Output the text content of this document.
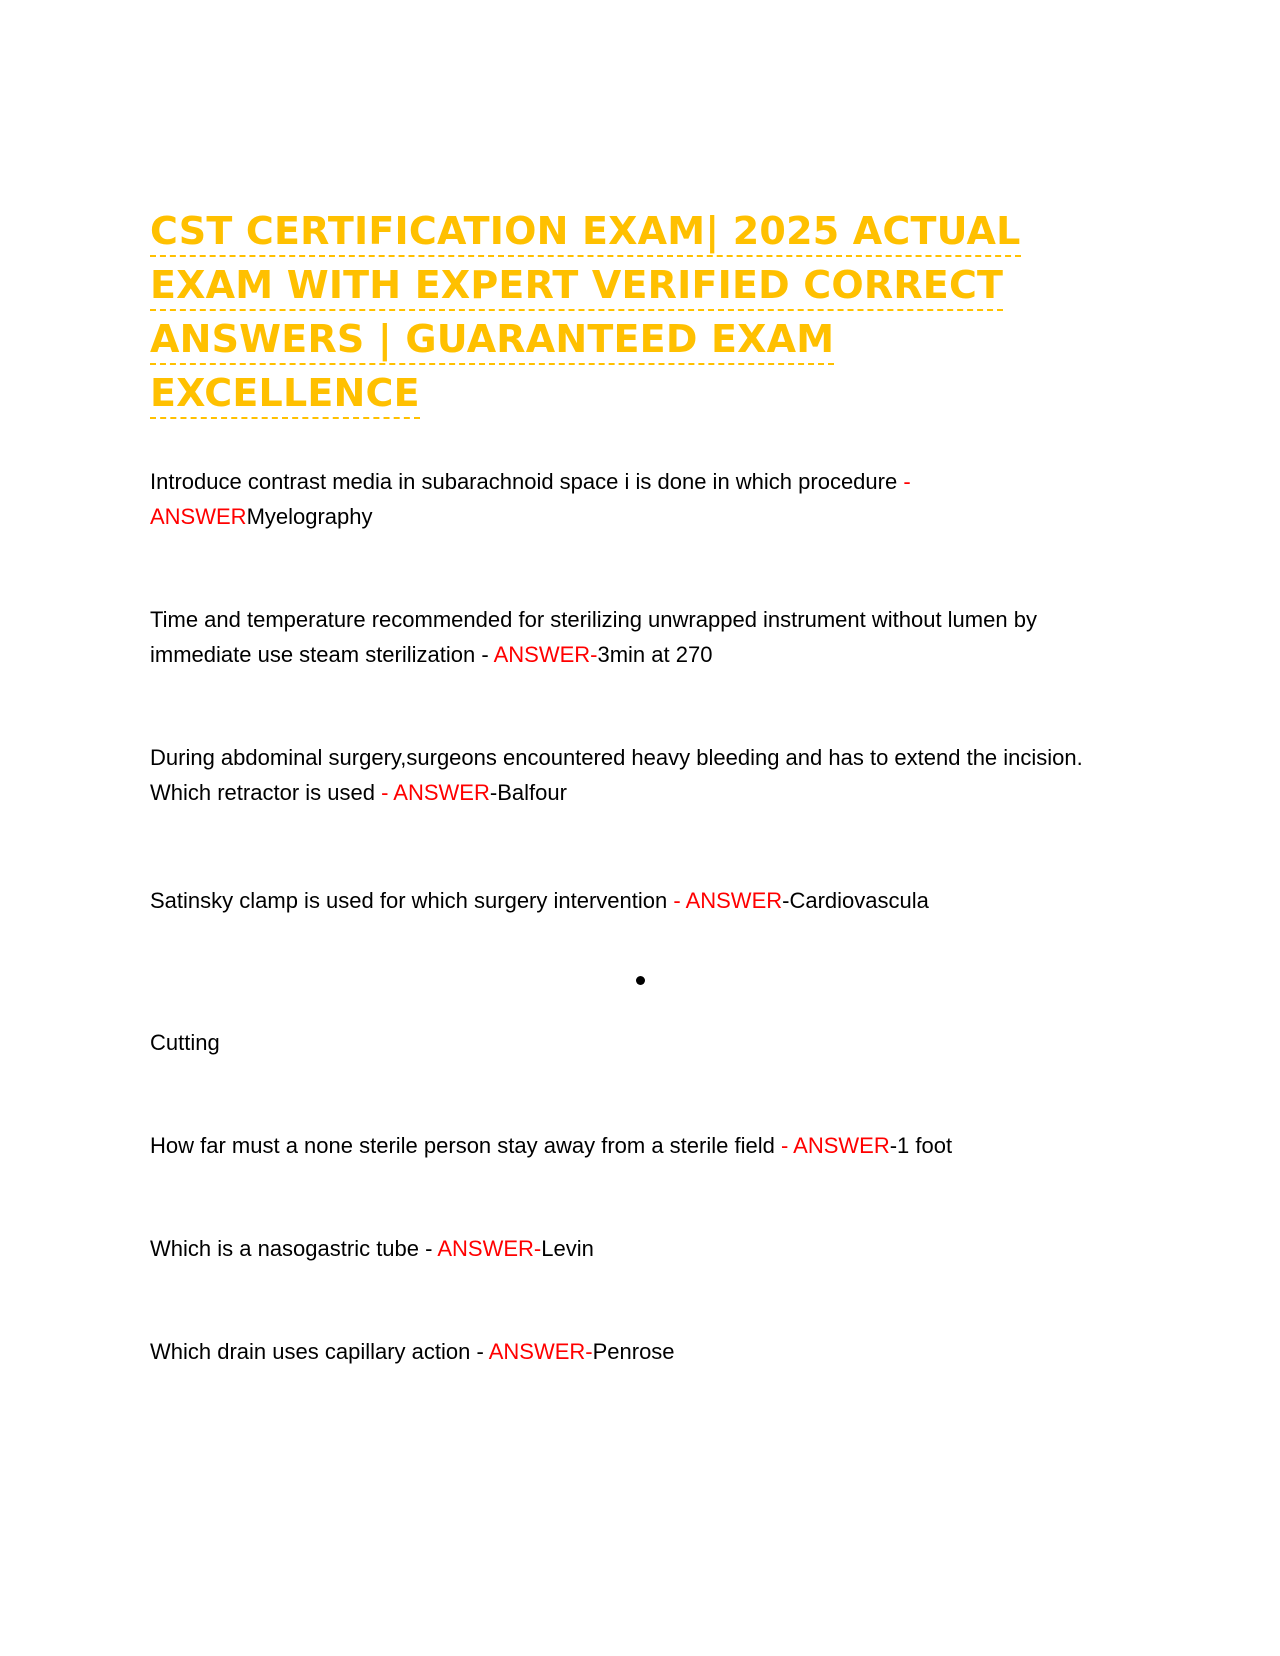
CST CERTIFICATION EXAM| 2025 ACTUAL
EXAM WITH EXPERT VERIFIED CORRECT
ANSWERS | GUARANTEED EXAM
EXCELLENCE

Introduce contrast media in subarachnoid space i is done in which procedure -
ANSWERMyelography

Time and temperature recommended for sterilizing unwrapped instrument without lumen by
immediate use steam sterilization - ANSWER-3min at 270

During abdominal surgery,surgeons encountered heavy bleeding and has to extend the incision.
Which retractor is used - ANSWER-Balfour

Satinsky clamp is used for which surgery intervention - ANSWER-Cardiovascula

Cutting

How far must a none sterile person stay away from a sterile field - ANSWER-1 foot

Which is a nasogastric tube - ANSWER-Levin

Which drain uses capillary action - ANSWER-Penrose
